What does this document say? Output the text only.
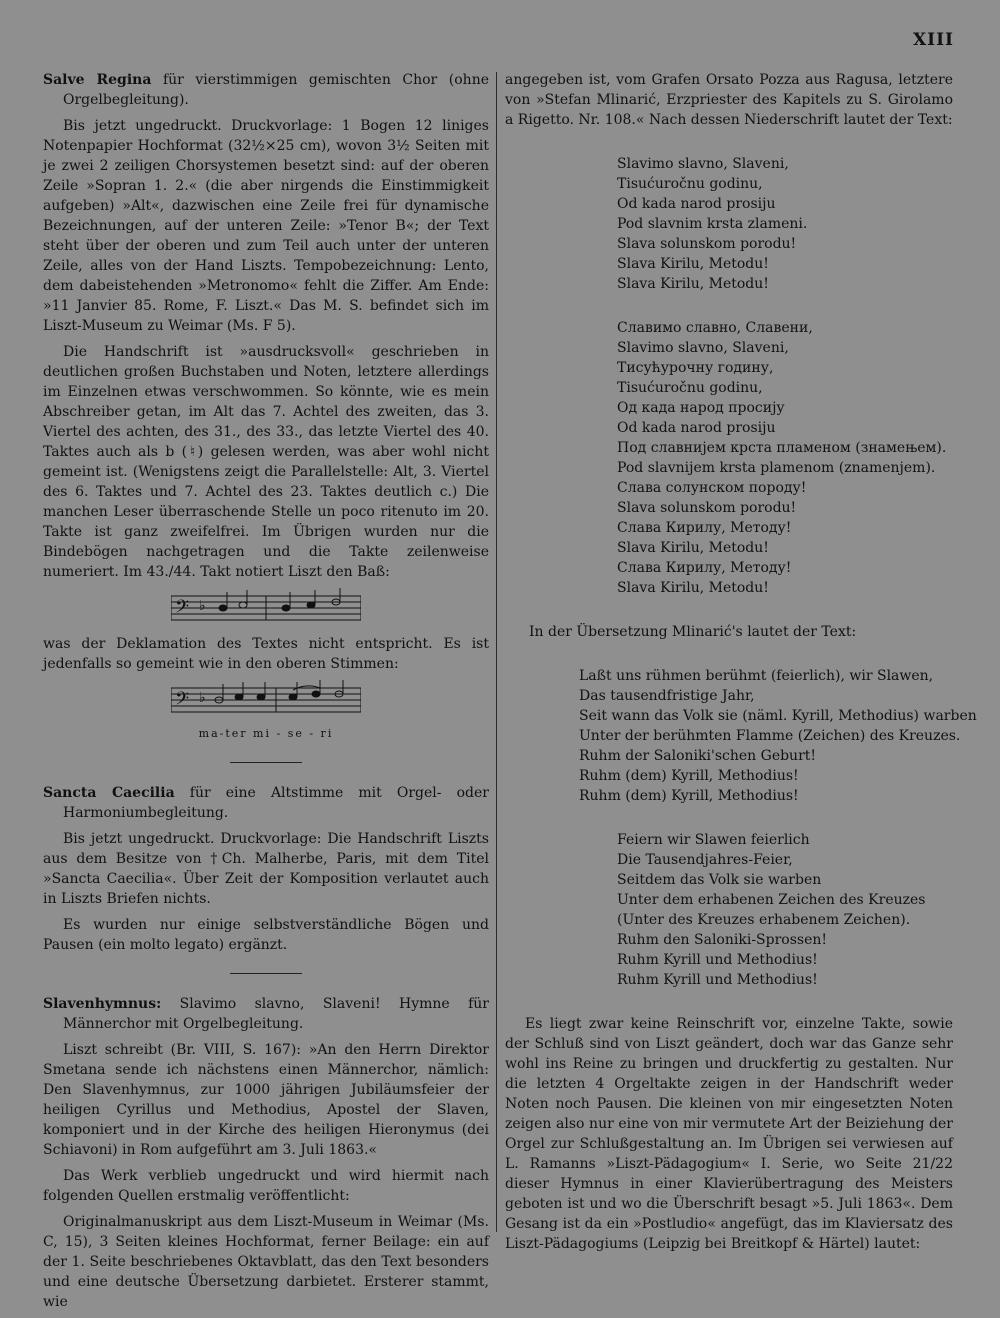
XIII

Salve Regina für vierstimmigen gemischten Chor (ohne Orgelbegleitung).

Bis jetzt ungedruckt. Druckvorlage: 1 Bogen 12 liniges Notenpapier Hochformat (32½×25 cm), wovon 3½ Seiten mit je zwei 2 zeiligen Chorsystemen besetzt sind: auf der oberen Zeile »Sopran 1. 2.« (die aber nirgends die Einstimmigkeit aufgeben) »Alt«, dazwischen eine Zeile frei für dynamische Bezeichnungen, auf der unteren Zeile: »Tenor B«; der Text steht über der oberen und zum Teil auch unter der unteren Zeile, alles von der Hand Liszts. Tempobezeichnung: Lento, dem dabeistehenden »Metronomo« fehlt die Ziffer. Am Ende: »11 Janvier 85. Rome, F. Liszt.« Das M. S. befindet sich im Liszt-Museum zu Weimar (Ms. F 5).

Die Handschrift ist »ausdrucksvoll« geschrieben in deutlichen großen Buchstaben und Noten, letztere allerdings im Einzelnen etwas verschwommen. So könnte, wie es mein Abschreiber getan, im Alt das 7. Achtel des zweiten, das 3. Viertel des achten, des 31., des 33., das letzte Viertel des 40. Taktes auch als b (♮) gelesen werden, was aber wohl nicht gemeint ist. (Wenigstens zeigt die Parallelstelle: Alt, 3. Viertel des 6. Taktes und 7. Achtel des 23. Taktes deutlich c.) Die manchen Leser überraschende Stelle un poco ritenuto im 20. Takte ist ganz zweifelfrei. Im Übrigen wurden nur die Bindebögen nachgetragen und die Takte zeilenweise numeriert. Im 43./44. Takt notiert Liszt den Baß:

𝄢 ♭

was der Deklamation des Textes nicht entspricht. Es ist jedenfalls so gemeint wie in den oberen Stimmen:

𝄢 ♭
ma-ter mi - se - ri

Sancta Caecilia für eine Altstimme mit Orgel- oder Harmoniumbegleitung.

Bis jetzt ungedruckt. Druckvorlage: Die Handschrift Liszts aus dem Besitze von †Ch. Malherbe, Paris, mit dem Titel »Sancta Caecilia«. Über Zeit der Komposition verlautet auch in Liszts Briefen nichts.

Es wurden nur einige selbstverständliche Bögen und Pausen (ein molto legato) ergänzt.

Slavenhymnus: Slavimo slavno, Slaveni! Hymne für Männerchor mit Orgelbegleitung.

Liszt schreibt (Br. VIII, S. 167): »An den Herrn Direktor Smetana sende ich nächstens einen Männerchor, nämlich: Den Slavenhymnus, zur 1000 jährigen Jubiläumsfeier der heiligen Cyrillus und Methodius, Apostel der Slaven, komponiert und in der Kirche des heiligen Hieronymus (dei Schiavoni) in Rom aufgeführt am 3. Juli 1863.«

Das Werk verblieb ungedruckt und wird hiermit nach folgenden Quellen erstmalig veröffentlicht:

Originalmanuskript aus dem Liszt-Museum in Weimar (Ms. C, 15), 3 Seiten kleines Hochformat, ferner Beilage: ein auf der 1. Seite beschriebenes Oktavblatt, das den Text besonders und eine deutsche Übersetzung darbietet. Ersterer stammt, wie

angegeben ist, vom Grafen Orsato Pozza aus Ragusa, letztere von »Stefan Mlinarić, Erzpriester des Kapitels zu S. Girolamo a Rigetto. Nr. 108.« Nach dessen Niederschrift lautet der Text:

Slavimo slavno, Slaveni,
Tisućuročnu godinu,
Od kada narod prosiju
Pod slavnim krsta zlameni.
Slava solunskom porodu!
Slava Kirilu, Metodu!
Slava Kirilu, Metodu!
Славимо славно, Славени,
Slavimo slavno, Slaveni,
Тисућурочну годину,
Tisućuročnu godinu,
Од када народ просију
Od kada narod prosiju
Под славнијем крста пламеном (знамењем).
Pod slavnijem krsta plamenom (znamenjem).
Слава солунском породу!
Slava solunskom porodu!
Слава Кирилу, Методу!
Slava Kirilu, Metodu!
Слава Кирилу, Методу!
Slava Kirilu, Metodu!

In der Übersetzung Mlinarić's lautet der Text:

Laßt uns rühmen berühmt (feierlich), wir Slawen,
Das tausendfristige Jahr,
Seit wann das Volk sie (näml. Kyrill, Methodius) warben
Unter der berühmten Flamme (Zeichen) des Kreuzes.
Ruhm der Saloniki'schen Geburt!
Ruhm (dem) Kyrill, Methodius!
Ruhm (dem) Kyrill, Methodius!
Feiern wir Slawen feierlich
Die Tausendjahres-Feier,
Seitdem das Volk sie warben
Unter dem erhabenen Zeichen des Kreuzes
(Unter des Kreuzes erhabenem Zeichen).
Ruhm den Saloniki-Sprossen!
Ruhm Kyrill und Methodius!
Ruhm Kyrill und Methodius!

Es liegt zwar keine Reinschrift vor, einzelne Takte, sowie der Schluß sind von Liszt geändert, doch war das Ganze sehr wohl ins Reine zu bringen und druckfertig zu gestalten. Nur die letzten 4 Orgeltakte zeigen in der Handschrift weder Noten noch Pausen. Die kleinen von mir eingesetzten Noten zeigen also nur eine von mir vermutete Art der Beiziehung der Orgel zur Schlußgestaltung an. Im Übrigen sei verwiesen auf L. Ramanns »Liszt-Pädagogium« I. Serie, wo Seite 21/22 dieser Hymnus in einer Klavierübertragung des Meisters geboten ist und wo die Überschrift besagt »5. Juli 1863«. Dem Gesang ist da ein »Postludio« angefügt, das im Klaviersatz des Liszt-Pädagogiums (Leipzig bei Breitkopf & Härtel) lautet:
